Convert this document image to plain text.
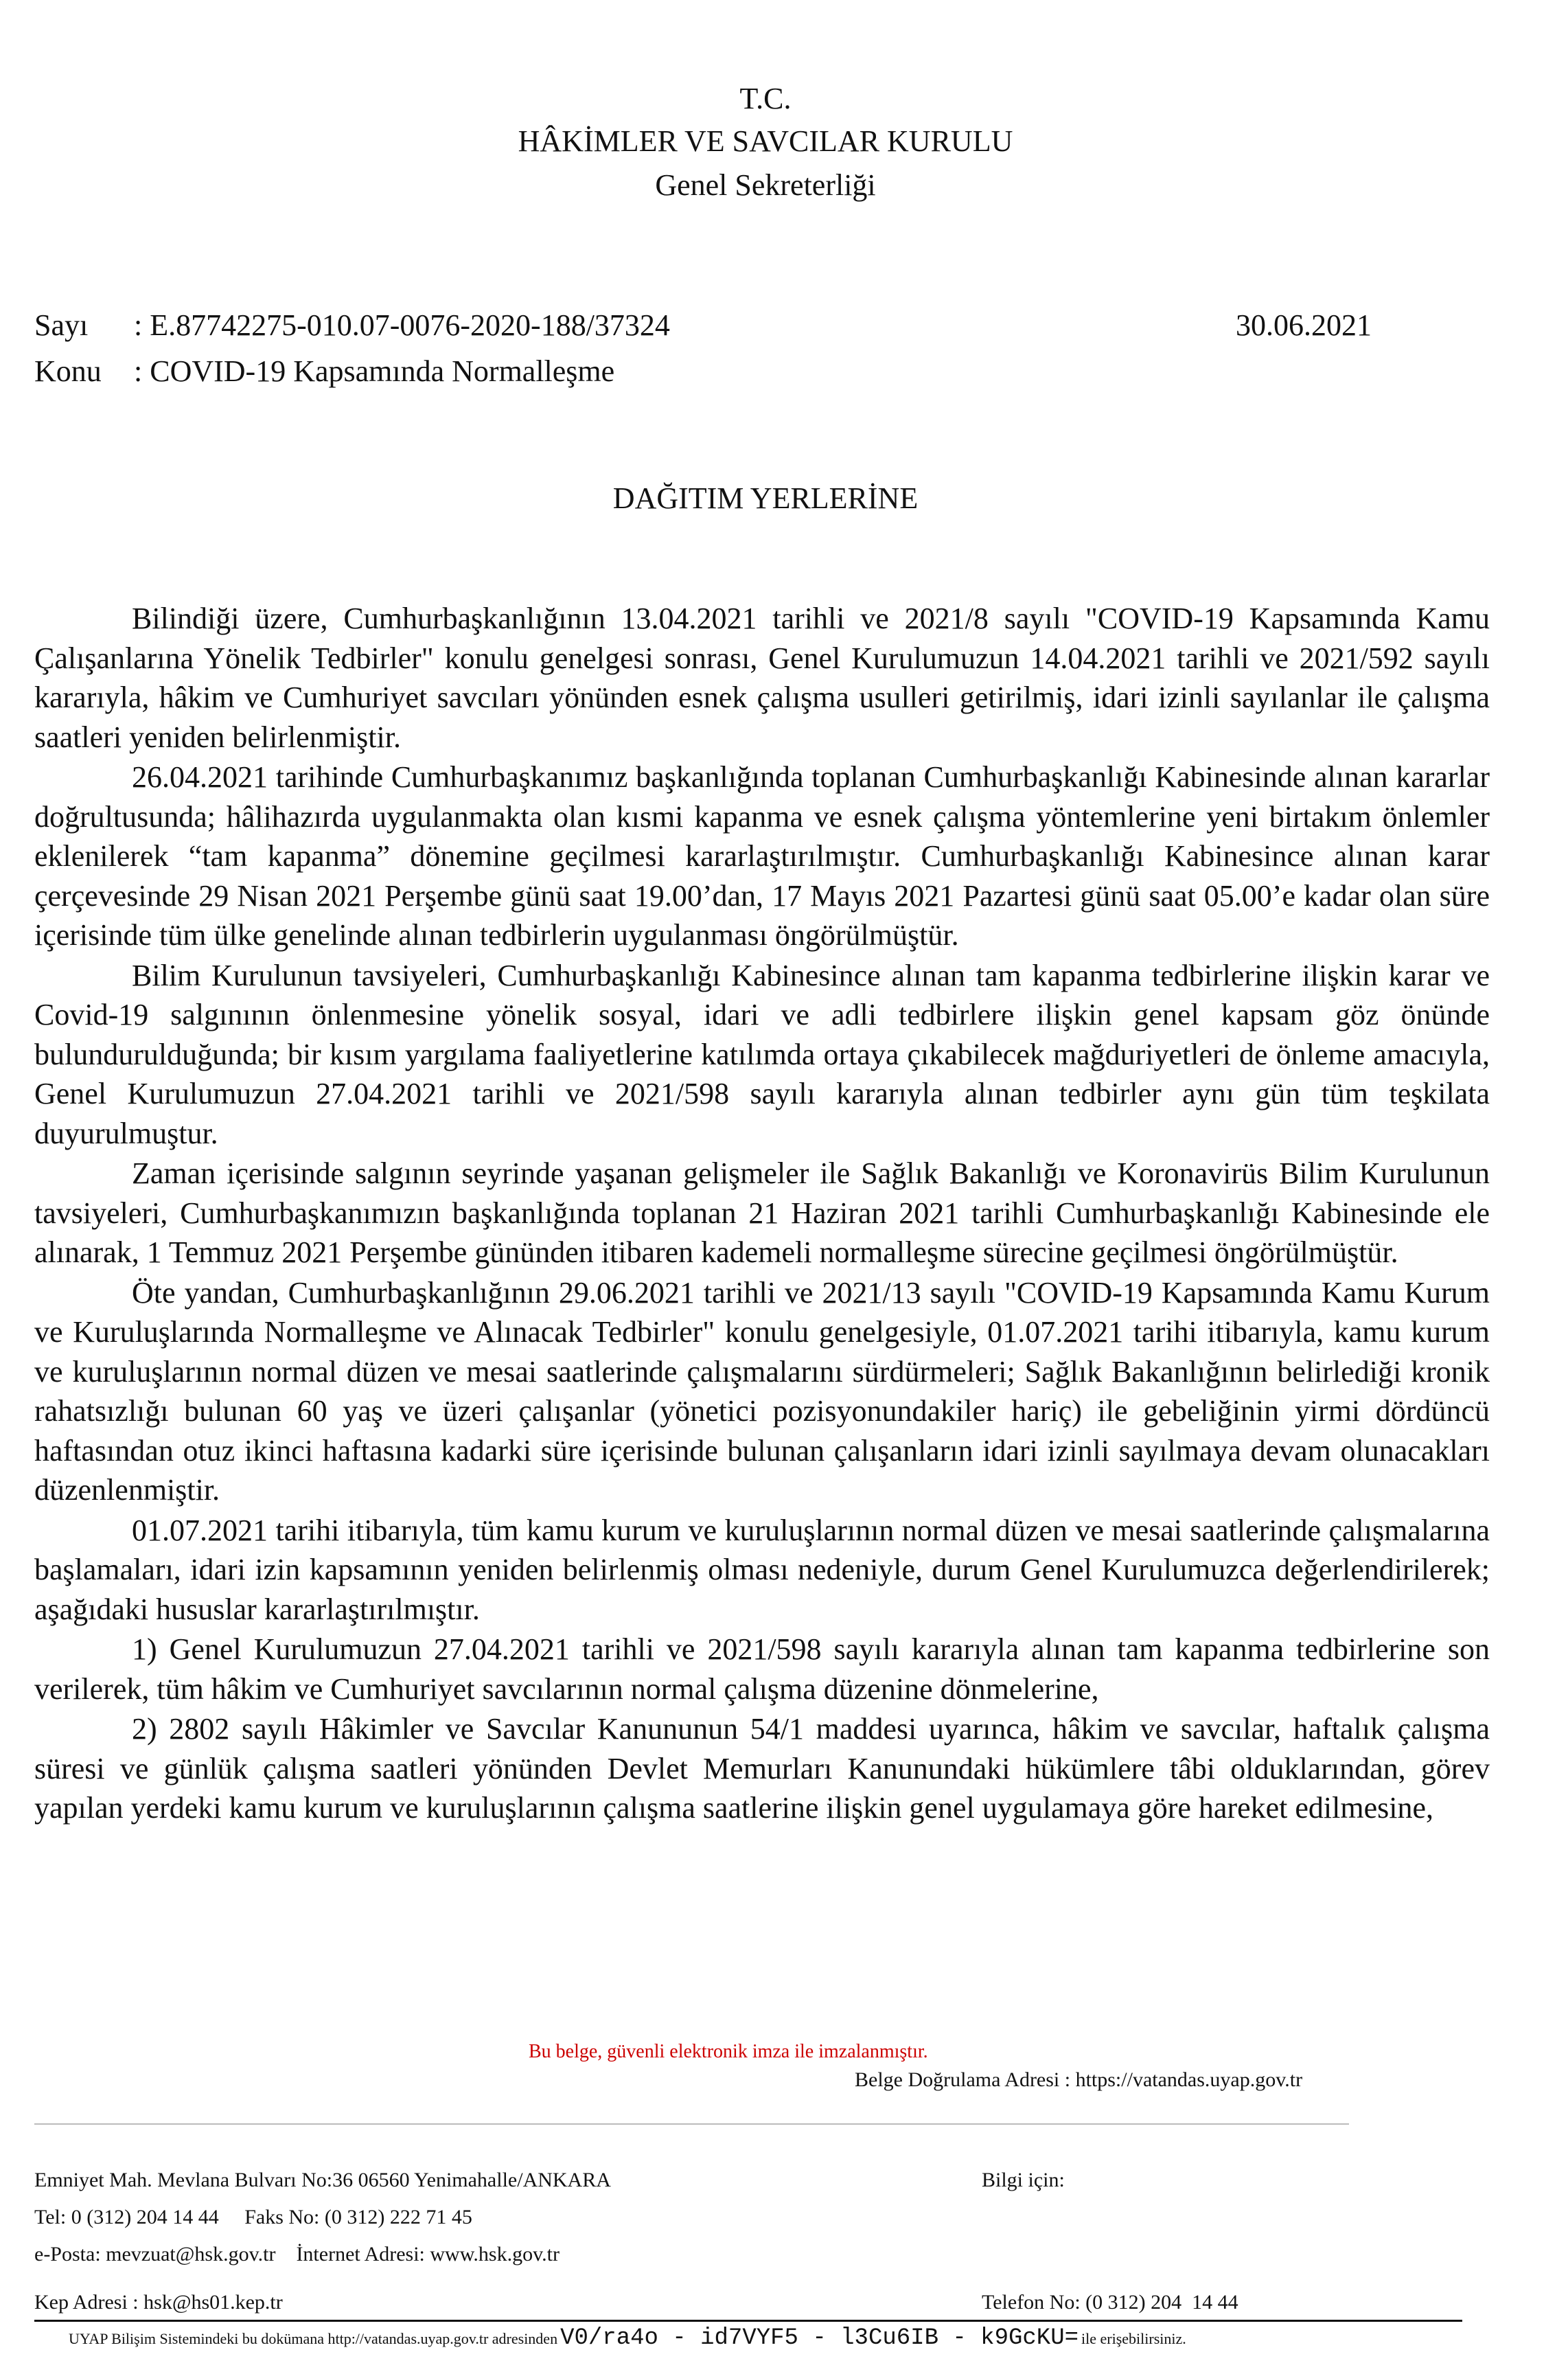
T.C.
HÂKİMLER VE SAVCILAR KURULU
Genel Sekreterliği
Sayı : E.87742275-010.07-0076-2020-188/37324	30.06.2021
Konu : COVID-19 Kapsamında Normalleşme
DAĞITIM YERLERİNE

Bilindiği üzere, Cumhurbaşkanlığının 13.04.2021 tarihli ve 2021/8 sayılı "COVID-19 Kapsamında Kamu Çalışanlarına Yönelik Tedbirler" konulu genelgesi sonrası, Genel Kurulumuzun 14.04.2021 tarihli ve 2021/592 sayılı kararıyla, hâkim ve Cumhuriyet savcıları yönünden esnek çalışma usulleri getirilmiş, idari izinli sayılanlar ile çalışma saatleri yeniden belirlenmiştir.

26.04.2021 tarihinde Cumhurbaşkanımız başkanlığında toplanan Cumhurbaşkanlığı Kabinesinde alınan kararlar doğrultusunda; hâlihazırda uygulanmakta olan kısmi kapanma ve esnek çalışma yöntemlerine yeni birtakım önlemler eklenilerek “tam kapanma” dönemine geçilmesi kararlaştırılmıştır. Cumhurbaşkanlığı Kabinesince alınan karar çerçevesinde 29 Nisan 2021 Perşembe günü saat 19.00’dan, 17 Mayıs 2021 Pazartesi günü saat 05.00’e kadar olan süre içerisinde tüm ülke genelinde alınan tedbirlerin uygulanması öngörülmüştür.

Bilim Kurulunun tavsiyeleri, Cumhurbaşkanlığı Kabinesince alınan tam kapanma tedbirlerine ilişkin karar ve Covid-19 salgınının önlenmesine yönelik sosyal, idari ve adli tedbirlere ilişkin genel kapsam göz önünde bulundurulduğunda; bir kısım yargılama faaliyetlerine katılımda ortaya çıkabilecek mağduriyetleri de önleme amacıyla, Genel Kurulumuzun 27.04.2021 tarihli ve 2021/598 sayılı kararıyla alınan tedbirler aynı gün tüm teşkilata duyurulmuştur.

Zaman içerisinde salgının seyrinde yaşanan gelişmeler ile Sağlık Bakanlığı ve Koronavirüs Bilim Kurulunun tavsiyeleri, Cumhurbaşkanımızın başkanlığında toplanan 21 Haziran 2021 tarihli Cumhurbaşkanlığı Kabinesinde ele alınarak, 1 Temmuz 2021 Perşembe gününden itibaren kademeli normalleşme sürecine geçilmesi öngörülmüştür.

Öte yandan, Cumhurbaşkanlığının 29.06.2021 tarihli ve 2021/13 sayılı "COVID-19 Kapsamında Kamu Kurum ve Kuruluşlarında Normalleşme ve Alınacak Tedbirler" konulu genelgesiyle, 01.07.2021 tarihi itibarıyla, kamu kurum ve kuruluşlarının normal düzen ve mesai saatlerinde çalışmalarını sürdürmeleri; Sağlık Bakanlığının belirlediği kronik rahatsızlığı bulunan 60 yaş ve üzeri çalışanlar (yönetici pozisyonundakiler hariç) ile gebeliğinin yirmi dördüncü haftasından otuz ikinci haftasına kadarki süre içerisinde bulunan çalışanların idari izinli sayılmaya devam olunacakları düzenlenmiştir.

01.07.2021 tarihi itibarıyla, tüm kamu kurum ve kuruluşlarının normal düzen ve mesai saatlerinde çalışmalarına başlamaları, idari izin kapsamının yeniden belirlenmiş olması nedeniyle, durum Genel Kurulumuzca değerlendirilerek; aşağıdaki hususlar kararlaştırılmıştır.

1) Genel Kurulumuzun 27.04.2021 tarihli ve 2021/598 sayılı kararıyla alınan tam kapanma tedbirlerine son verilerek, tüm hâkim ve Cumhuriyet savcılarının normal çalışma düzenine dönmelerine,

2) 2802 sayılı Hâkimler ve Savcılar Kanununun 54/1 maddesi uyarınca, hâkim ve savcılar, haftalık çalışma süresi ve günlük çalışma saatleri yönünden Devlet Memurları Kanunundaki hükümlere tâbi olduklarından, görev yapılan yerdeki kamu kurum ve kuruluşlarının çalışma saatlerine ilişkin genel uygulamaya göre hareket edilmesine,

Bu belge, güvenli elektronik imza ile imzalanmıştır.
Belge Doğrulama Adresi : https://vatandas.uyap.gov.tr
Emniyet Mah. Mevlana Bulvarı No:36 06560 Yenimahalle/ANKARA	Bilgi için:
Tel: 0 (312) 204 14 44     Faks No: (0 312) 222 71 45
e-Posta: mevzuat@hsk.gov.tr    İnternet Adresi: www.hsk.gov.tr
Kep Adresi : hsk@hs01.kep.tr	Telefon No: (0 312) 204  14 44
UYAP Bilişim Sistemindeki bu dokümana http://vatandas.uyap.gov.tr adresinden V0/ra4o - id7VYF5 - l3Cu6IB - k9GcKU= ile erişebilirsiniz.
